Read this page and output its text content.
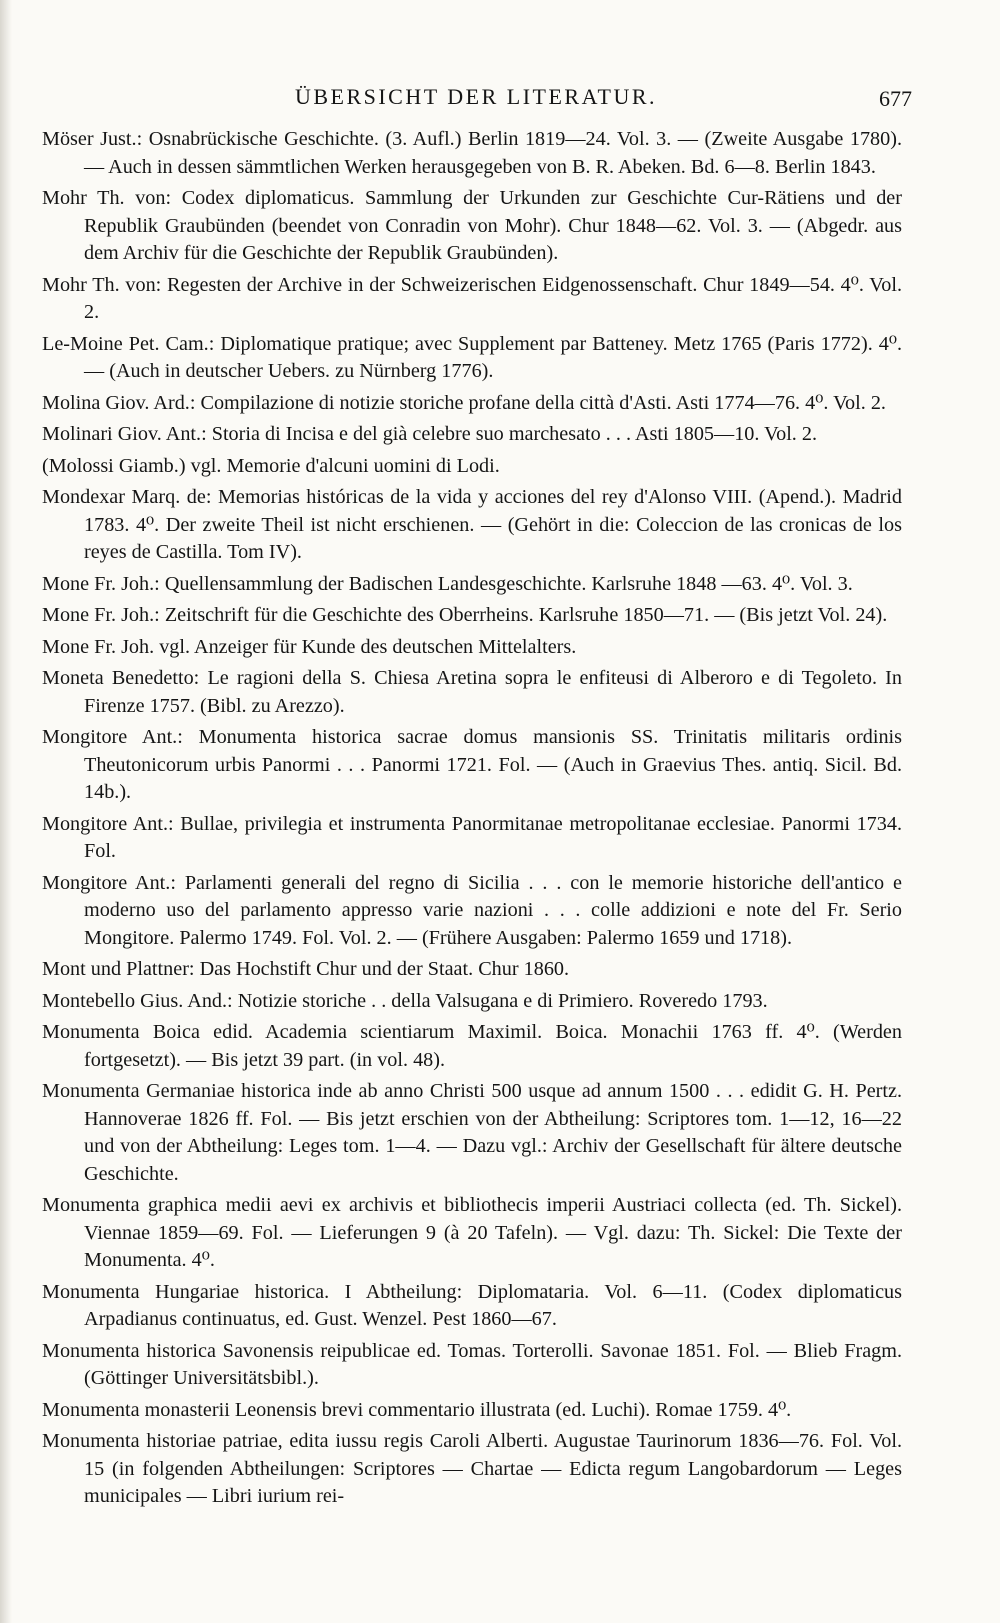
ÜBERSICHT DER LITERATUR.	677

Möser Just.: Osnabrückische Geschichte. (3. Aufl.) Berlin 1819—24. Vol. 3. — (Zweite Ausgabe 1780). — Auch in dessen sämmtlichen Werken herausgegeben von B. R. Abeken. Bd. 6—8. Berlin 1843.

Mohr Th. von: Codex diplomaticus. Sammlung der Urkunden zur Geschichte Cur-Rätiens und der Republik Graubünden (beendet von Conradin von Mohr). Chur 1848—62. Vol. 3. — (Abgedr. aus dem Archiv für die Geschichte der Republik Graubünden).

Mohr Th. von: Regesten der Archive in der Schweizerischen Eidgenossenschaft. Chur 1849—54. 4⁰. Vol. 2.

Le-Moine Pet. Cam.: Diplomatique pratique; avec Supplement par Batteney. Metz 1765 (Paris 1772). 4⁰. — (Auch in deutscher Uebers. zu Nürnberg 1776).

Molina Giov. Ard.: Compilazione di notizie storiche profane della città d'Asti. Asti 1774—76. 4⁰. Vol. 2.

Molinari Giov. Ant.: Storia di Incisa e del già celebre suo marchesato . . . Asti 1805—10. Vol. 2.

(Molossi Giamb.) vgl. Memorie d'alcuni uomini di Lodi.

Mondexar Marq. de: Memorias históricas de la vida y acciones del rey d'Alonso VIII. (Apend.). Madrid 1783. 4⁰. Der zweite Theil ist nicht erschienen. — (Gehört in die: Coleccion de las cronicas de los reyes de Castilla. Tom IV).

Mone Fr. Joh.: Quellensammlung der Badischen Landesgeschichte. Karlsruhe 1848 —63. 4⁰. Vol. 3.

Mone Fr. Joh.: Zeitschrift für die Geschichte des Oberrheins. Karlsruhe 1850—71. — (Bis jetzt Vol. 24).

Mone Fr. Joh. vgl. Anzeiger für Kunde des deutschen Mittelalters.

Moneta Benedetto: Le ragioni della S. Chiesa Aretina sopra le enfiteusi di Alberoro e di Tegoleto. In Firenze 1757. (Bibl. zu Arezzo).

Mongitore Ant.: Monumenta historica sacrae domus mansionis SS. Trinitatis militaris ordinis Theutonicorum urbis Panormi . . . Panormi 1721. Fol. — (Auch in Graevius Thes. antiq. Sicil. Bd. 14b.).

Mongitore Ant.: Bullae, privilegia et instrumenta Panormitanae metropolitanae ecclesiae. Panormi 1734. Fol.

Mongitore Ant.: Parlamenti generali del regno di Sicilia . . . con le memorie historiche dell'antico e moderno uso del parlamento appresso varie nazioni . . . colle addizioni e note del Fr. Serio Mongitore. Palermo 1749. Fol. Vol. 2. — (Frühere Ausgaben: Palermo 1659 und 1718).

Mont und Plattner: Das Hochstift Chur und der Staat. Chur 1860.

Montebello Gius. And.: Notizie storiche . . della Valsugana e di Primiero. Roveredo 1793.

Monumenta Boica edid. Academia scientiarum Maximil. Boica. Monachii 1763 ff. 4⁰. (Werden fortgesetzt). — Bis jetzt 39 part. (in vol. 48).

Monumenta Germaniae historica inde ab anno Christi 500 usque ad annum 1500 . . . edidit G. H. Pertz. Hannoverae 1826 ff. Fol. — Bis jetzt erschien von der Abtheilung: Scriptores tom. 1—12, 16—22 und von der Abtheilung: Leges tom. 1—4. — Dazu vgl.: Archiv der Gesellschaft für ältere deutsche Geschichte.

Monumenta graphica medii aevi ex archivis et bibliothecis imperii Austriaci collecta (ed. Th. Sickel). Viennae 1859—69. Fol. — Lieferungen 9 (à 20 Tafeln). — Vgl. dazu: Th. Sickel: Die Texte der Monumenta. 4⁰.

Monumenta Hungariae historica. I Abtheilung: Diplomataria. Vol. 6—11. (Codex diplomaticus Arpadianus continuatus, ed. Gust. Wenzel. Pest 1860—67.

Monumenta historica Savonensis reipublicae ed. Tomas. Torterolli. Savonae 1851. Fol. — Blieb Fragm. (Göttinger Universitätsbibl.).

Monumenta monasterii Leonensis brevi commentario illustrata (ed. Luchi). Romae 1759. 4⁰.

Monumenta historiae patriae, edita iussu regis Caroli Alberti. Augustae Taurinorum 1836—76. Fol. Vol. 15 (in folgenden Abtheilungen: Scriptores — Chartae — Edicta regum Langobardorum — Leges municipales — Libri iurium rei-
